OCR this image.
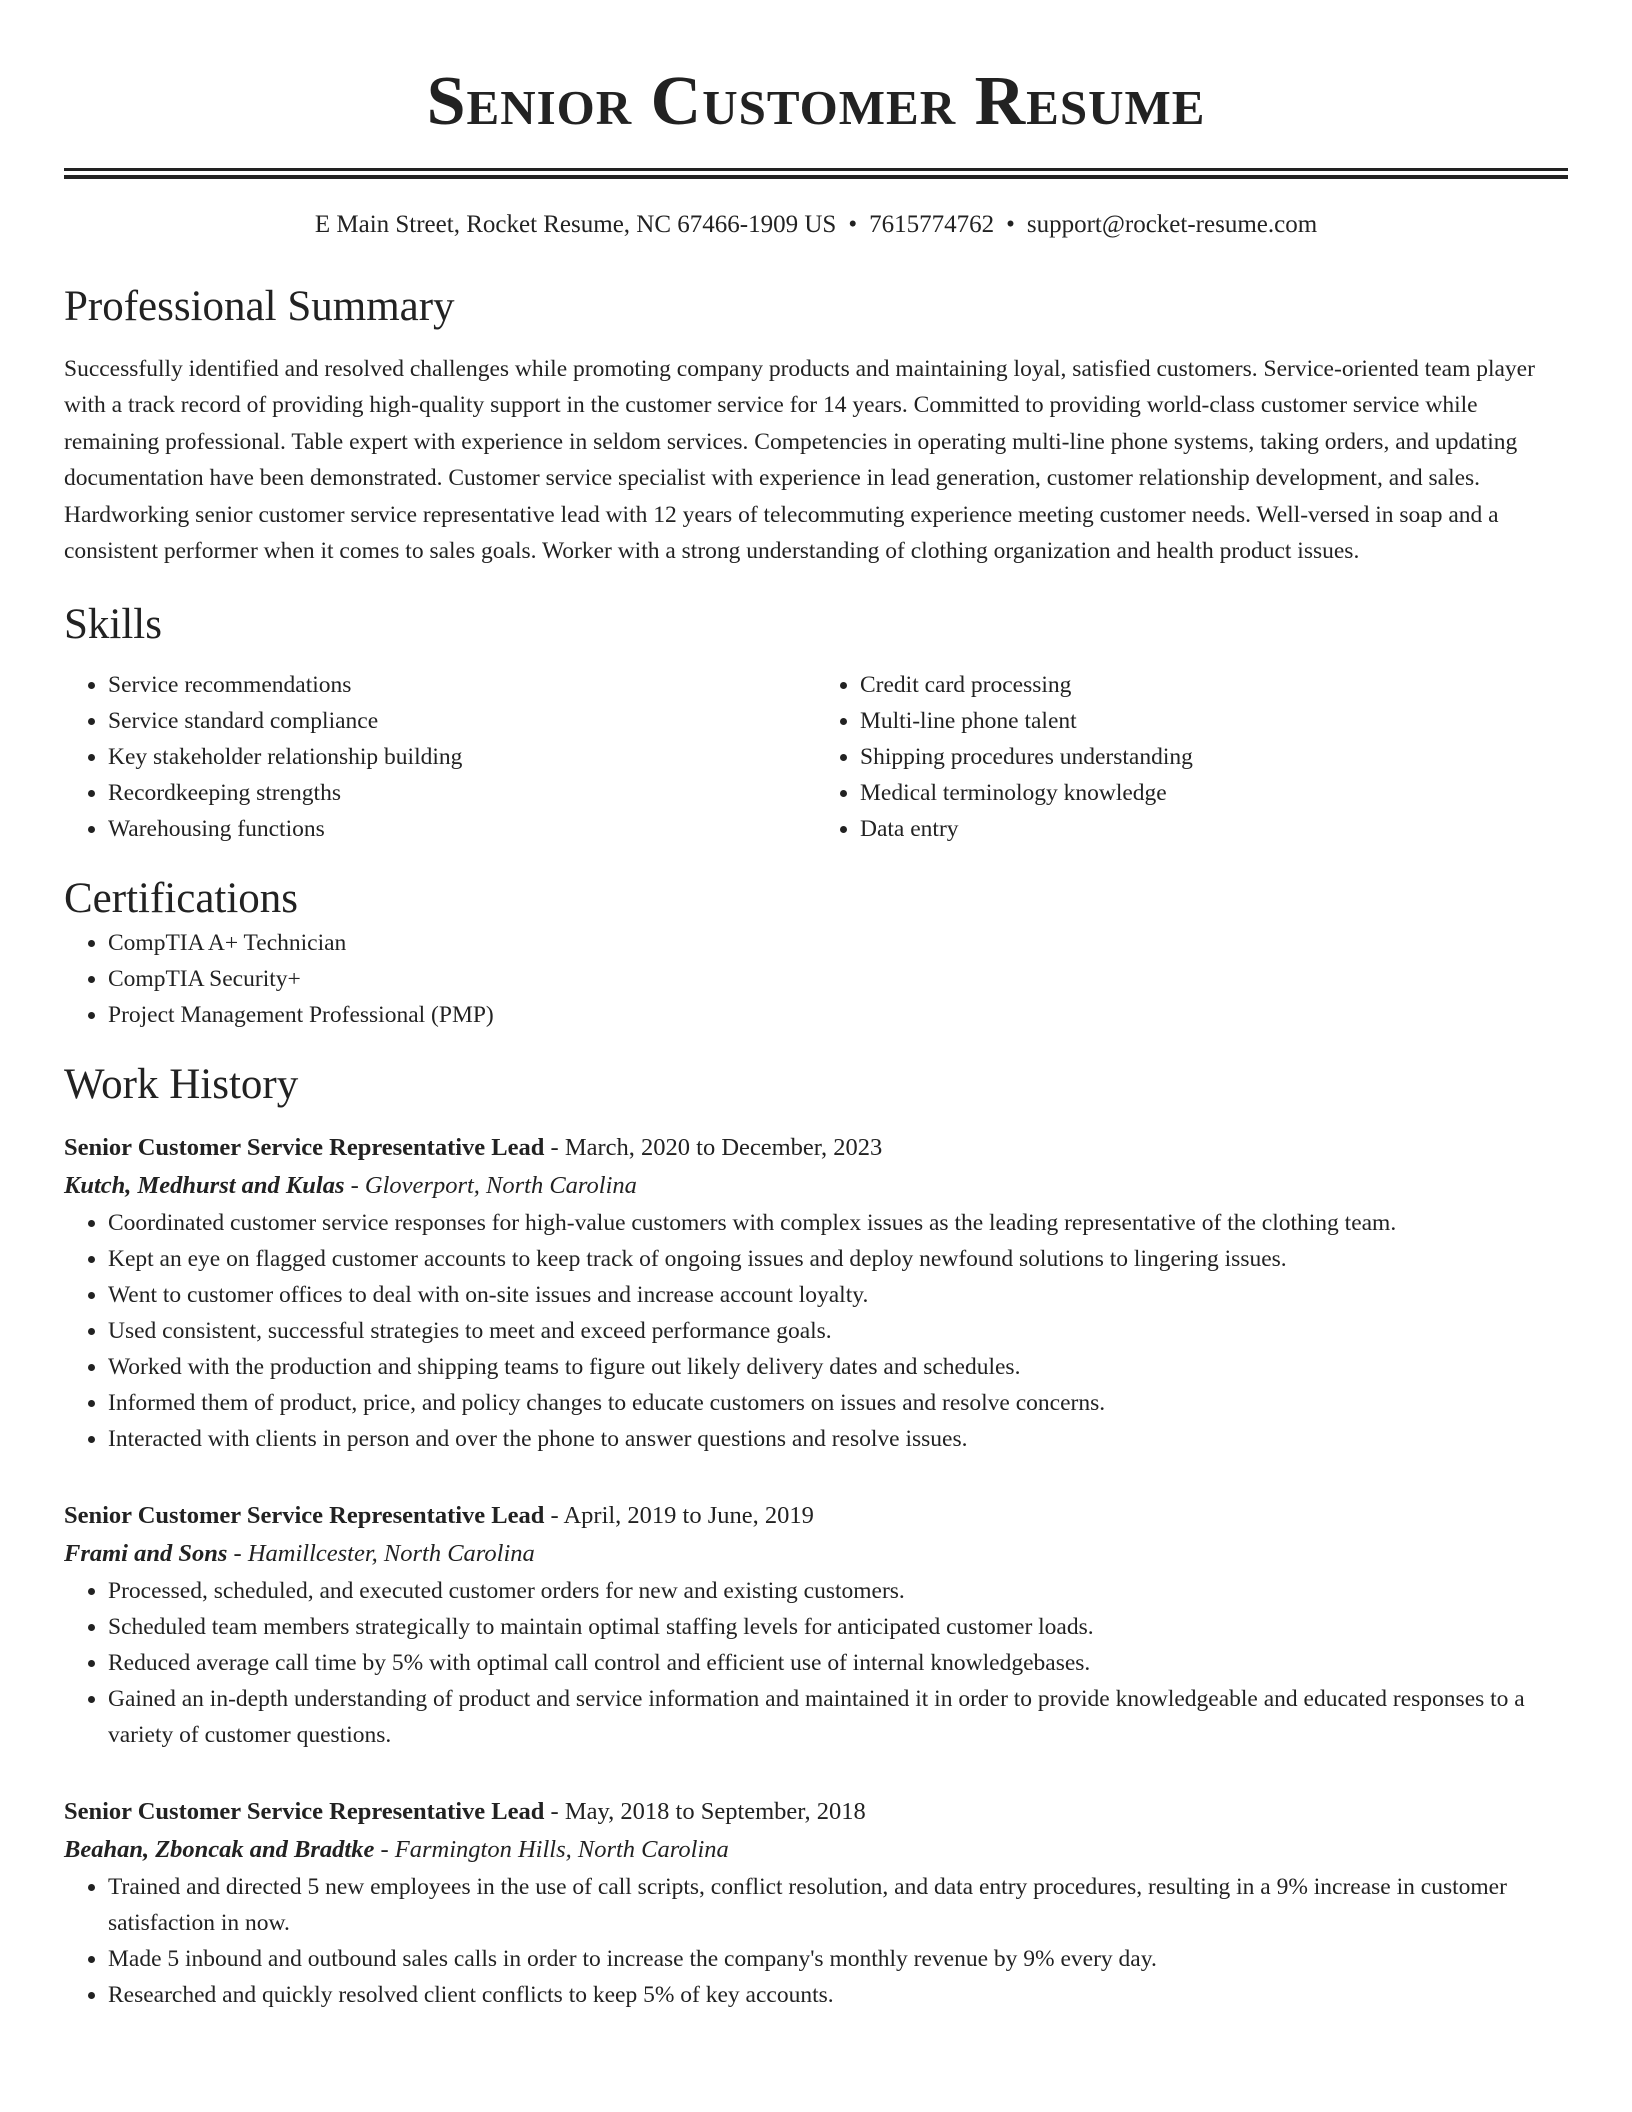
Senior Customer Resume
E Main Street, Rocket Resume, NC 67466-1909 US • 7615774762 • support@rocket-resume.com
Professional Summary
Successfully identified and resolved challenges while promoting company products and maintaining loyal, satisfied customers. Service-oriented team player with a track record of providing high-quality support in the customer service for 14 years. Committed to providing world-class customer service while remaining professional. Table expert with experience in seldom services. Competencies in operating multi-line phone systems, taking orders, and updating documentation have been demonstrated. Customer service specialist with experience in lead generation, customer relationship development, and sales. Hardworking senior customer service representative lead with 12 years of telecommuting experience meeting customer needs. Well-versed in soap and a consistent performer when it comes to sales goals. Worker with a strong understanding of clothing organization and health product issues.
Skills
• Service recommendations
• Service standard compliance
• Key stakeholder relationship building
• Recordkeeping strengths
• Warehousing functions
• Credit card processing
• Multi-line phone talent
• Shipping procedures understanding
• Medical terminology knowledge
• Data entry
Certifications
• CompTIA A+ Technician
• CompTIA Security+
• Project Management Professional (PMP)
Work History
Senior Customer Service Representative Lead - March, 2020 to December, 2023
Kutch, Medhurst and Kulas - Gloverport, North Carolina
• Coordinated customer service responses for high-value customers with complex issues as the leading representative of the clothing team.
• Kept an eye on flagged customer accounts to keep track of ongoing issues and deploy newfound solutions to lingering issues.
• Went to customer offices to deal with on-site issues and increase account loyalty.
• Used consistent, successful strategies to meet and exceed performance goals.
• Worked with the production and shipping teams to figure out likely delivery dates and schedules.
• Informed them of product, price, and policy changes to educate customers on issues and resolve concerns.
• Interacted with clients in person and over the phone to answer questions and resolve issues.
Senior Customer Service Representative Lead - April, 2019 to June, 2019
Frami and Sons - Hamillcester, North Carolina
• Processed, scheduled, and executed customer orders for new and existing customers.
• Scheduled team members strategically to maintain optimal staffing levels for anticipated customer loads.
• Reduced average call time by 5% with optimal call control and efficient use of internal knowledgebases.
• Gained an in-depth understanding of product and service information and maintained it in order to provide knowledgeable and educated responses to a variety of customer questions.
Senior Customer Service Representative Lead - May, 2018 to September, 2018
Beahan, Zboncak and Bradtke - Farmington Hills, North Carolina
• Trained and directed 5 new employees in the use of call scripts, conflict resolution, and data entry procedures, resulting in a 9% increase in customer satisfaction in now.
• Made 5 inbound and outbound sales calls in order to increase the company's monthly revenue by 9% every day.
• Researched and quickly resolved client conflicts to keep 5% of key accounts.
